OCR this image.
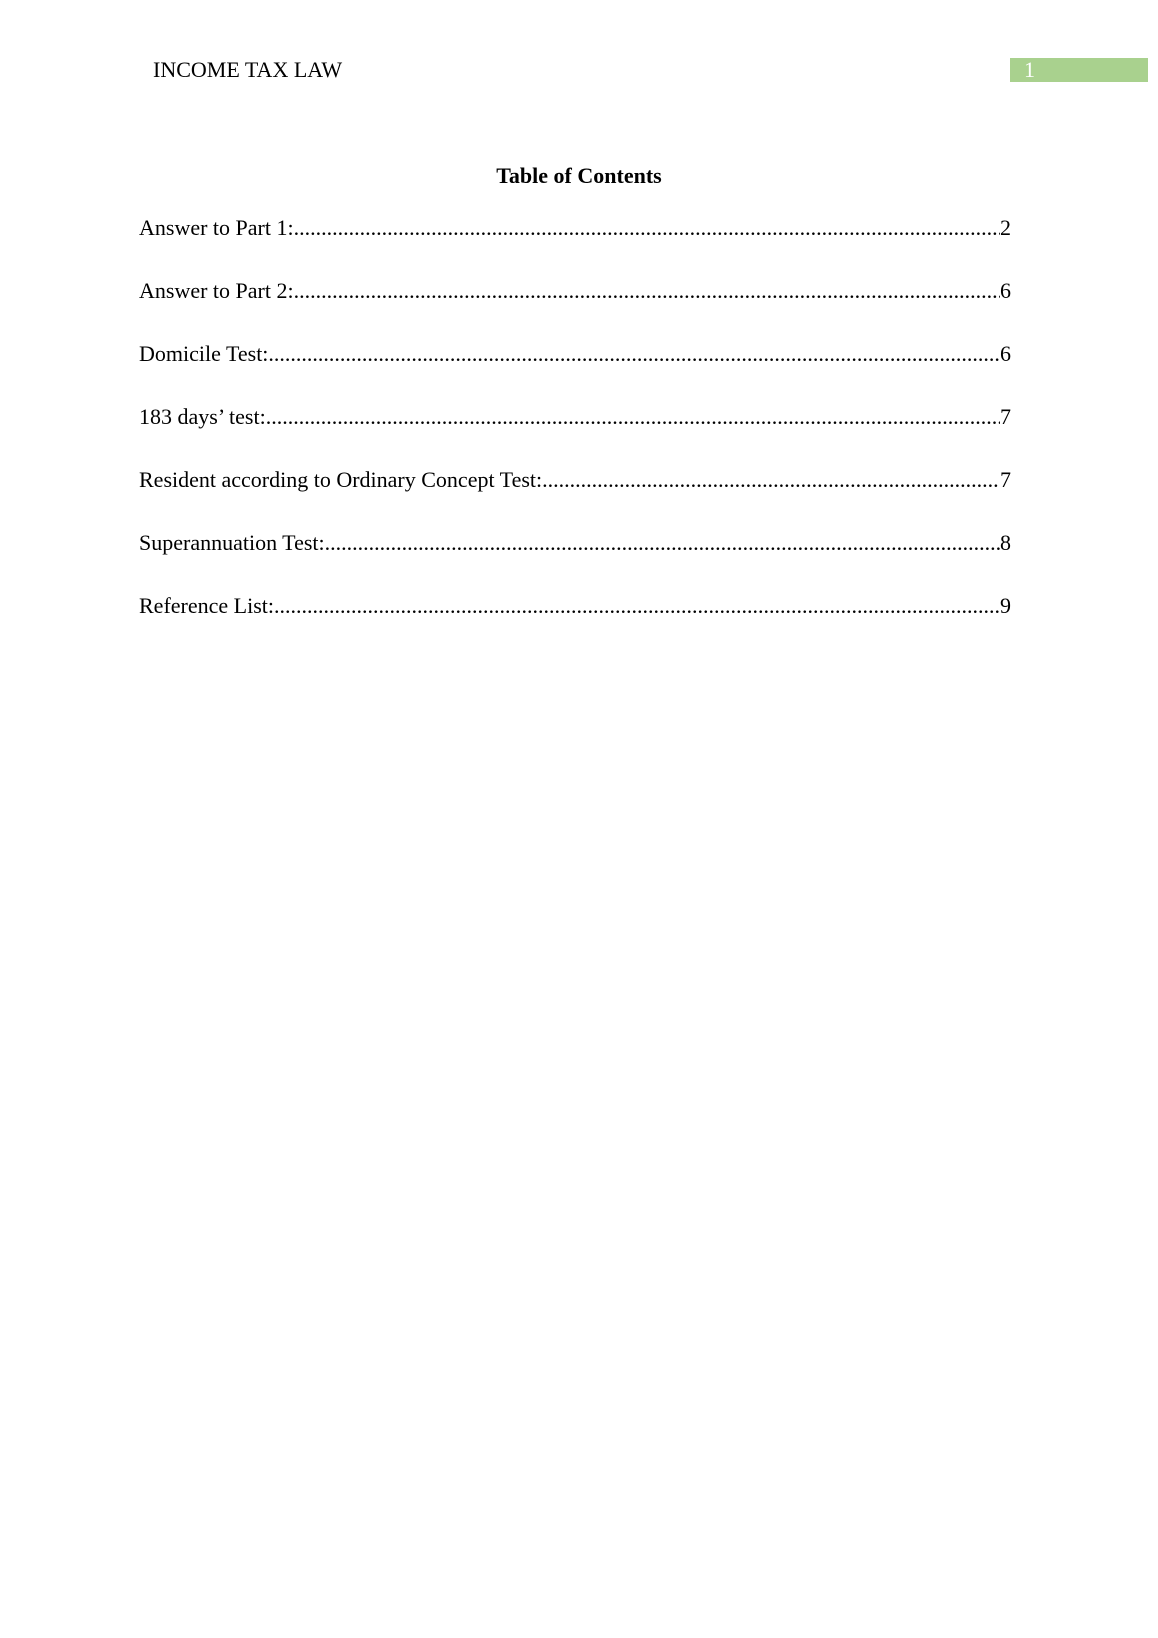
INCOME TAX LAW	1
Table of Contents
Answer to Part 1: .....	2
Answer to Part 2: .....	6
Domicile Test: .....	6
183 days’ test: .....	7
Resident according to Ordinary Concept Test: .....	7
Superannuation Test: .....	8
Reference List: .....	9
